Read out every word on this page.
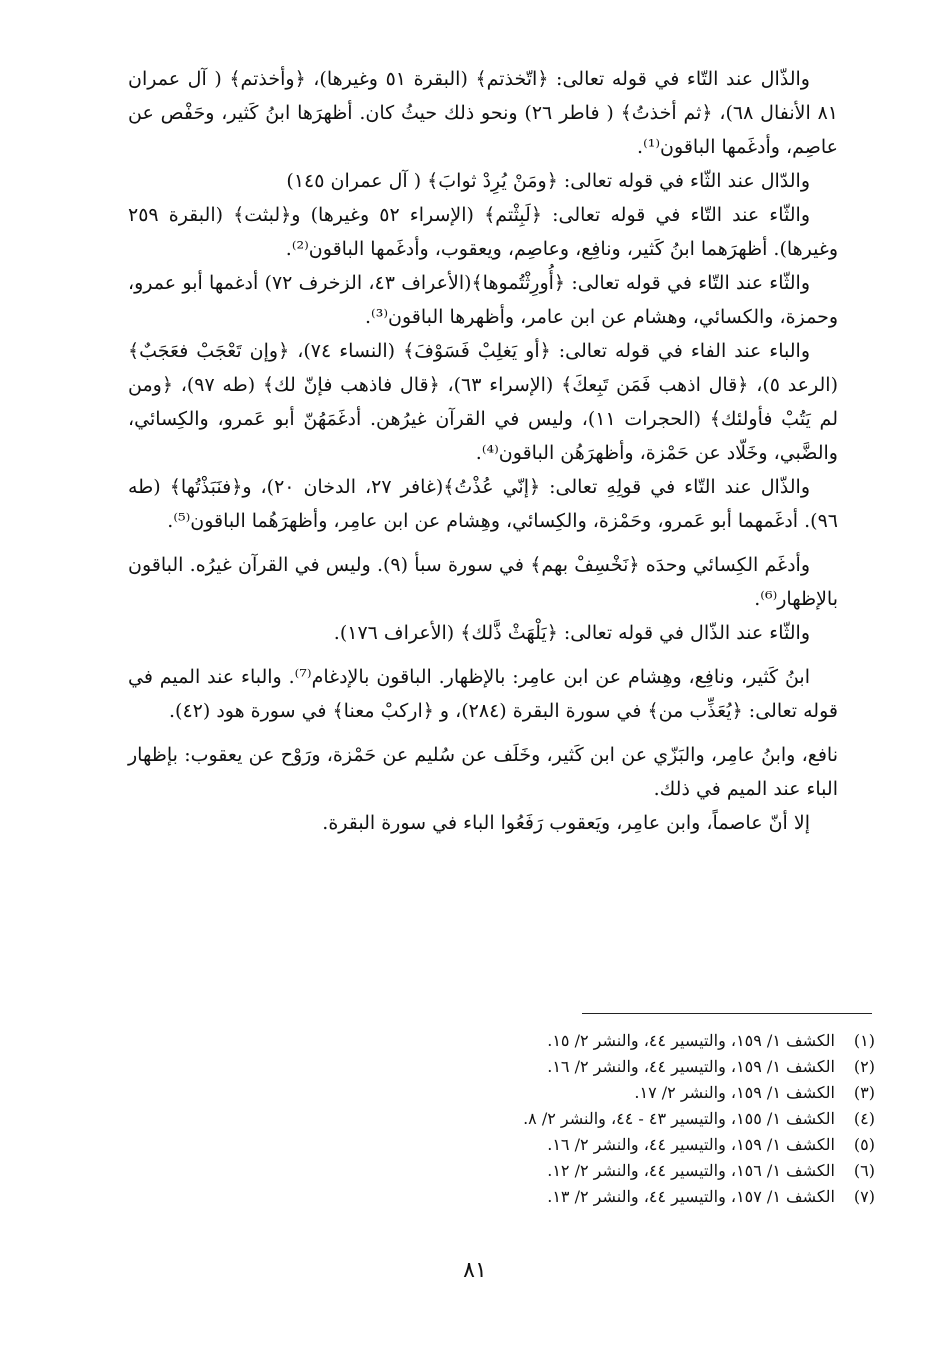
والذّال عند التّاء في قوله تعالى: ﴿اتّخذتم﴾ (البقرة ٥١ وغيرها)، ﴿وأخذتم﴾ ( آل عمران ٨١ الأنفال ٦٨)، ﴿ثم أخذتُ﴾ ( فاطر ٢٦) ونحو ذلك حيثُ كان. أظهرَها ابنُ كَثير، وحَفْص عن عاصِم، وأدغَمها الباقون⁽¹⁾.

والدّال عند الثّاء في قوله تعالى: ﴿ومَنْ يُرِدْ ثوابَ﴾ ( آل عمران ١٤٥)

والثّاء عند التّاء في قوله تعالى: ﴿لَبِثْتم﴾ (الإسراء ٥٢ وغيرها) و﴿لبثت﴾ (البقرة ٢٥٩ وغيرها). أظهرَهما ابنُ كَثير، ونافِع، وعاصِم، ويعقوب، وأدغَمها الباقون⁽²⁾.

والثّاء عند التّاء في قوله تعالى: ﴿أُورِثْتُموها﴾(الأعراف ٤٣، الزخرف ٧٢) أدغمها أبو عمرو، وحمزة، والكسائي، وهشام عن ابن عامر، وأظهرها الباقون⁽³⁾.

والباء عند الفاء في قوله تعالى: ﴿أو يَغلِبْ فَسَوْفَ﴾ (النساء ٧٤)، ﴿وإن تَعْجَبْ فعَجَبٌ﴾ (الرعد ٥)، ﴿قال اذهب فَمَن تَبِعكَ﴾ (الإسراء ٦٣)، ﴿قال فاذهب فإنّ لك﴾ (طه ٩٧)، ﴿ومن لم يَتُبْ فأولئك﴾ (الحجرات ١١)، وليس في القرآن غيرُهن. أدغَمَهُنّ أبو عَمرو، والكِسائي، والضَّبي، وخَلّاد عن حَمْزة، وأظهرَهُن الباقون⁽⁴⁾.

والذّال عند التّاء في قولِهِ تعالى: ﴿إنّي عُذْتُ﴾(غافر ٢٧، الدخان ٢٠)، و﴿فنَبَذْتُها﴾ (طه ٩٦). أدغَمهما أبو عَمرو، وحَمْزة، والكِسائي، وهِشام عن ابن عامِر، وأظهرَهُما الباقون⁽⁵⁾.

وأدغَم الكِسائي وحدَه ﴿نَخْسِفْ بهم﴾ في سورة سبأ (٩). وليس في القرآن غيرُه. الباقون بالإظهار⁽⁶⁾.

والثّاء عند الذّال في قوله تعالى: ﴿يَلْهَثْ ذَّلك﴾ (الأعراف ١٧٦).

ابنُ كَثير، ونافِع، وهِشام عن ابن عامِر: بالإظهار. الباقون بالإدغام⁽⁷⁾. والباء عند الميم في قوله تعالى: ﴿يُعَذِّب من﴾ في سورة البقرة (٢٨٤)، و ﴿اركبْ معنا﴾ في سورة هود (٤٢).

نافع، وابنُ عامِر، والبَزّي عن ابن كَثير، وخَلَف عن سُليم عن حَمْزة، ورَوْح عن يعقوب: بإظهار الباء عند الميم في ذلك.

إلا أنّ عاصماً، وابن عامِر، ويَعقوب رَفَعُوا الباء في سورة البقرة.

(١)
الكشف ١/ ١٥٩، والتيسير ٤٤، والنشر ٢/ ١٥.
(٢)
الكشف ١/ ١٥٩، والتيسير ٤٤، والنشر ٢/ ١٦.
(٣)
الكشف ١/ ١٥٩، والنشر ٢/ ١٧.
(٤)
الكشف ١/ ١٥٥، والتيسير ٤٣ - ٤٤، والنشر ٢/ ٨.
(٥)
الكشف ١/ ١٥٩، والتيسير ٤٤، والنشر ٢/ ١٦.
(٦)
الكشف ١/ ١٥٦، والتيسير ٤٤، والنشر ٢/ ١٢.
(٧)
الكشف ١/ ١٥٧، والتيسير ٤٤، والنشر ٢/ ١٣.
٨١
